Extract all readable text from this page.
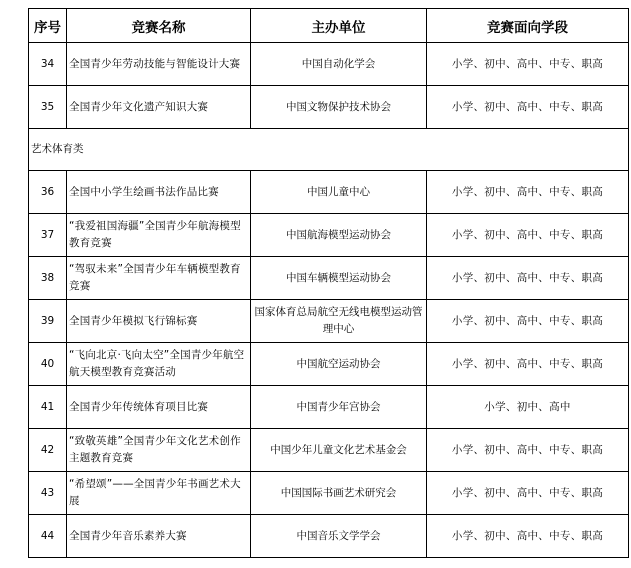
序号	竞赛名称	主办单位	竞赛面向学段
34	全国青少年劳动技能与智能设计大赛	中国自动化学会	小学、初中、高中、中专、职高
35	全国青少年文化遗产知识大赛	中国文物保护技术协会	小学、初中、高中、中专、职高
艺术体育类			
36	全国中小学生绘画书法作品比赛	中国儿童中心	小学、初中、高中、中专、职高
37	“我爱祖国海疆”全国青少年航海模型教育竞赛	中国航海模型运动协会	小学、初中、高中、中专、职高
38	“驾驭未来”全国青少年车辆模型教育竞赛	中国车辆模型运动协会	小学、初中、高中、中专、职高
39	全国青少年模拟飞行锦标赛	国家体育总局航空无线电模型运动管理中心	小学、初中、高中、中专、职高
40	“飞向北京·飞向太空”全国青少年航空航天模型教育竞赛活动	中国航空运动协会	小学、初中、高中、中专、职高
41	全国青少年传统体育项目比赛	中国青少年宫协会	小学、初中、高中
42	“致敬英雄”全国青少年文化艺术创作主题教育竞赛	中国少年儿童文化艺术基金会	小学、初中、高中、中专、职高
43	“希望颂”——全国青少年书画艺术大展	中国国际书画艺术研究会	小学、初中、高中、中专、职高
44	全国青少年音乐素养大赛	中国音乐文学学会	小学、初中、高中、中专、职高
